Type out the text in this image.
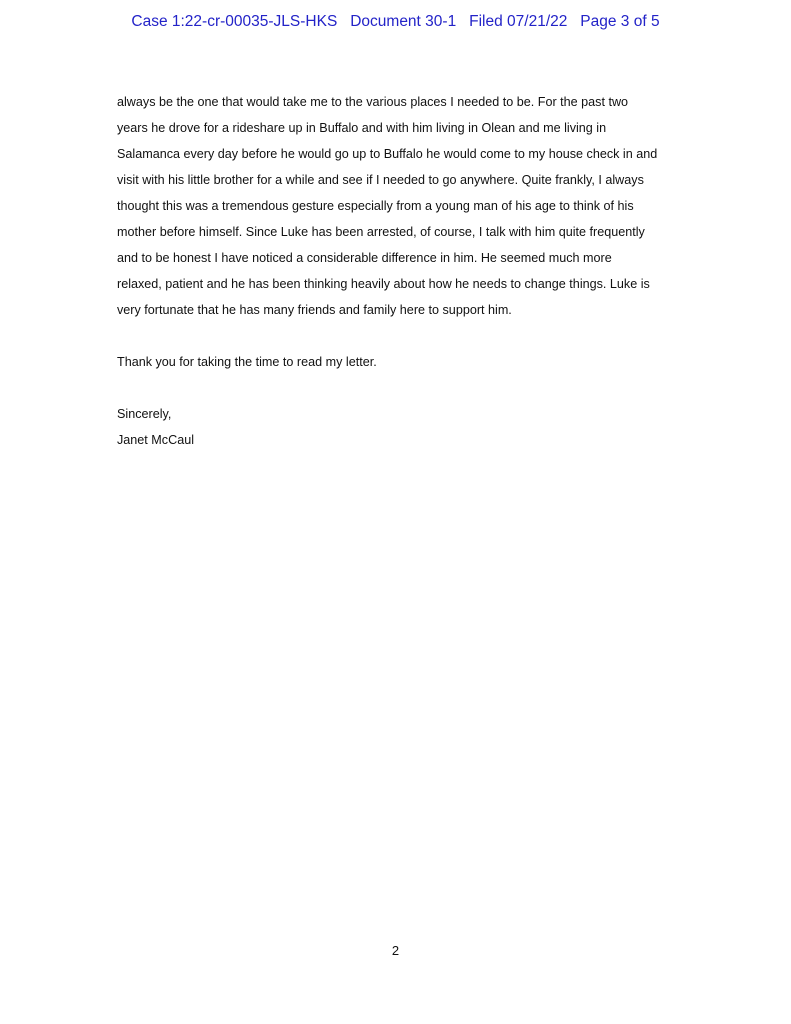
Case 1:22-cr-00035-JLS-HKS Document 30-1 Filed 07/21/22 Page 3 of 5
always be the one that would take me to the various places I needed to be. For the past two
years he drove for a rideshare up in Buffalo and with him living in Olean and me living in
Salamanca every day before he would go up to Buffalo he would come to my house check in and
visit with his little brother for a while and see if I needed to go anywhere. Quite frankly, I always
thought this was a tremendous gesture especially from a young man of his age to think of his
mother before himself. Since Luke has been arrested, of course, I talk with him quite frequently
and to be honest I have noticed a considerable difference in him. He seemed much more
relaxed, patient and he has been thinking heavily about how he needs to change things. Luke is
very fortunate that he has many friends and family here to support him.
Thank you for taking the time to read my letter.
Sincerely,
Janet McCaul
2
